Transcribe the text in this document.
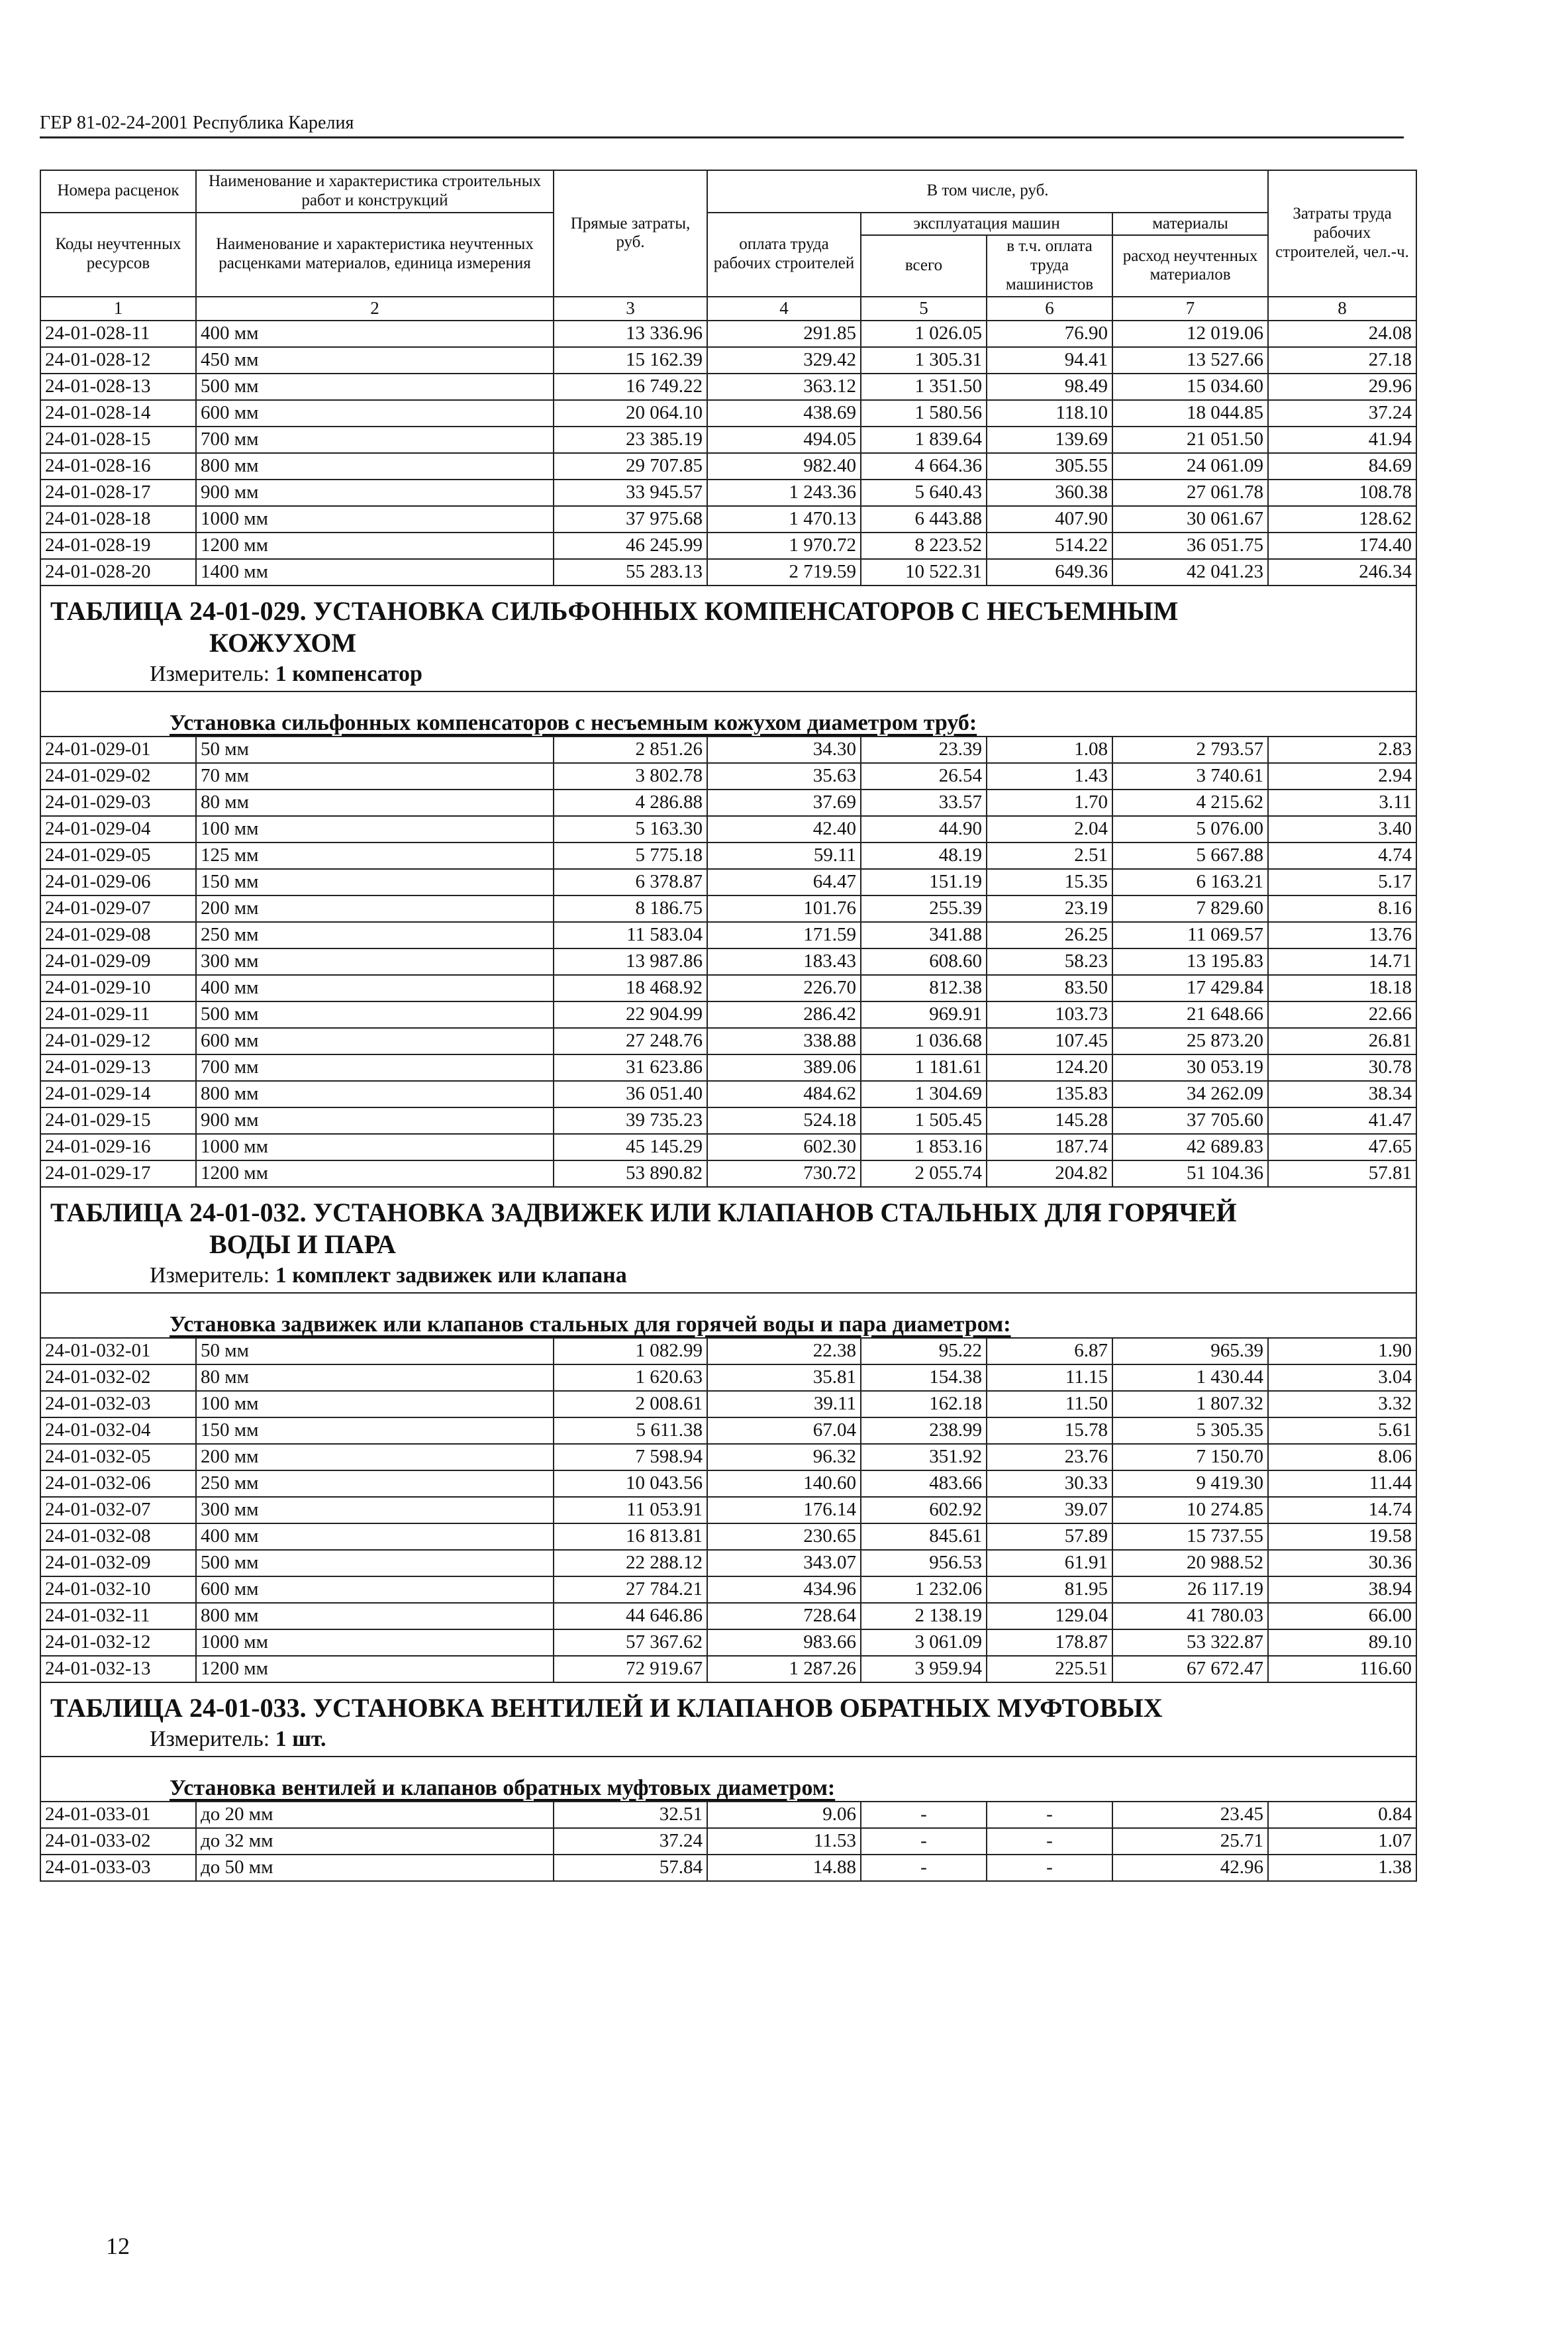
ГЕР 81-02-24-2001 Республика Карелия
Номера расценок	Наименование и характеристика строительных работ и конструкций	Прямые затраты, руб.	В том числе, руб.				Затраты труда рабочих строителей, чел.-ч.
Коды неучтенных ресурсов	Наименование и характеристика неучтенных расценками материалов, единица измерения		оплата труда рабочих строителей	эксплуатация машин		материалы	
				всего	в т.ч. оплата труда машинистов	расход неучтенных материалов	
1	2	3	4	5	6	7	8
24-01-028-11	400 мм	13 336.96	291.85	1 026.05	76.90	12 019.06	24.08
24-01-028-12	450 мм	15 162.39	329.42	1 305.31	94.41	13 527.66	27.18
24-01-028-13	500 мм	16 749.22	363.12	1 351.50	98.49	15 034.60	29.96
24-01-028-14	600 мм	20 064.10	438.69	1 580.56	118.10	18 044.85	37.24
24-01-028-15	700 мм	23 385.19	494.05	1 839.64	139.69	21 051.50	41.94
24-01-028-16	800 мм	29 707.85	982.40	4 664.36	305.55	24 061.09	84.69
24-01-028-17	900 мм	33 945.57	1 243.36	5 640.43	360.38	27 061.78	108.78
24-01-028-18	1000 мм	37 975.68	1 470.13	6 443.88	407.90	30 061.67	128.62
24-01-028-19	1200 мм	46 245.99	1 970.72	8 223.52	514.22	36 051.75	174.40
24-01-028-20	1400 мм	55 283.13	2 719.59	10 522.31	649.36	42 041.23	246.34

ТАБЛИЦА 24-01-029. УСТАНОВКА СИЛЬФОННЫХ КОМПЕНСАТОРОВ С НЕСЪЕМНЫМ
КОЖУХОМ							

Измеритель: 1 компенсатор							

Установка сильфонных компенсаторов с несъемным кожухом диаметром труб:							

24-01-029-01	50 мм	2 851.26	34.30	23.39	1.08	2 793.57	2.83
24-01-029-02	70 мм	3 802.78	35.63	26.54	1.43	3 740.61	2.94
24-01-029-03	80 мм	4 286.88	37.69	33.57	1.70	4 215.62	3.11
24-01-029-04	100 мм	5 163.30	42.40	44.90	2.04	5 076.00	3.40
24-01-029-05	125 мм	5 775.18	59.11	48.19	2.51	5 667.88	4.74
24-01-029-06	150 мм	6 378.87	64.47	151.19	15.35	6 163.21	5.17
24-01-029-07	200 мм	8 186.75	101.76	255.39	23.19	7 829.60	8.16
24-01-029-08	250 мм	11 583.04	171.59	341.88	26.25	11 069.57	13.76
24-01-029-09	300 мм	13 987.86	183.43	608.60	58.23	13 195.83	14.71
24-01-029-10	400 мм	18 468.92	226.70	812.38	83.50	17 429.84	18.18
24-01-029-11	500 мм	22 904.99	286.42	969.91	103.73	21 648.66	22.66
24-01-029-12	600 мм	27 248.76	338.88	1 036.68	107.45	25 873.20	26.81
24-01-029-13	700 мм	31 623.86	389.06	1 181.61	124.20	30 053.19	30.78
24-01-029-14	800 мм	36 051.40	484.62	1 304.69	135.83	34 262.09	38.34
24-01-029-15	900 мм	39 735.23	524.18	1 505.45	145.28	37 705.60	41.47
24-01-029-16	1000 мм	45 145.29	602.30	1 853.16	187.74	42 689.83	47.65
24-01-029-17	1200 мм	53 890.82	730.72	2 055.74	204.82	51 104.36	57.81

ТАБЛИЦА 24-01-032. УСТАНОВКА ЗАДВИЖЕК ИЛИ КЛАПАНОВ СТАЛЬНЫХ ДЛЯ ГОРЯЧЕЙ
ВОДЫ И ПАРА							

Измеритель: 1 комплект задвижек или клапана							

Установка задвижек или клапанов стальных для горячей воды и пара диаметром:							

24-01-032-01	50 мм	1 082.99	22.38	95.22	6.87	965.39	1.90
24-01-032-02	80 мм	1 620.63	35.81	154.38	11.15	1 430.44	3.04
24-01-032-03	100 мм	2 008.61	39.11	162.18	11.50	1 807.32	3.32
24-01-032-04	150 мм	5 611.38	67.04	238.99	15.78	5 305.35	5.61
24-01-032-05	200 мм	7 598.94	96.32	351.92	23.76	7 150.70	8.06
24-01-032-06	250 мм	10 043.56	140.60	483.66	30.33	9 419.30	11.44
24-01-032-07	300 мм	11 053.91	176.14	602.92	39.07	10 274.85	14.74
24-01-032-08	400 мм	16 813.81	230.65	845.61	57.89	15 737.55	19.58
24-01-032-09	500 мм	22 288.12	343.07	956.53	61.91	20 988.52	30.36
24-01-032-10	600 мм	27 784.21	434.96	1 232.06	81.95	26 117.19	38.94
24-01-032-11	800 мм	44 646.86	728.64	2 138.19	129.04	41 780.03	66.00
24-01-032-12	1000 мм	57 367.62	983.66	3 061.09	178.87	53 322.87	89.10
24-01-032-13	1200 мм	72 919.67	1 287.26	3 959.94	225.51	67 672.47	116.60

ТАБЛИЦА 24-01-033. УСТАНОВКА ВЕНТИЛЕЙ И КЛАПАНОВ ОБРАТНЫХ МУФТОВЫХ							

Измеритель: 1 шт.							

Установка вентилей и клапанов обратных муфтовых диаметром:							

24-01-033-01	до 20 мм	32.51	9.06	-	-	23.45	0.84
24-01-033-02	до 32 мм	37.24	11.53	-	-	25.71	1.07
24-01-033-03	до 50 мм	57.84	14.88	-	-	42.96	1.38
12
